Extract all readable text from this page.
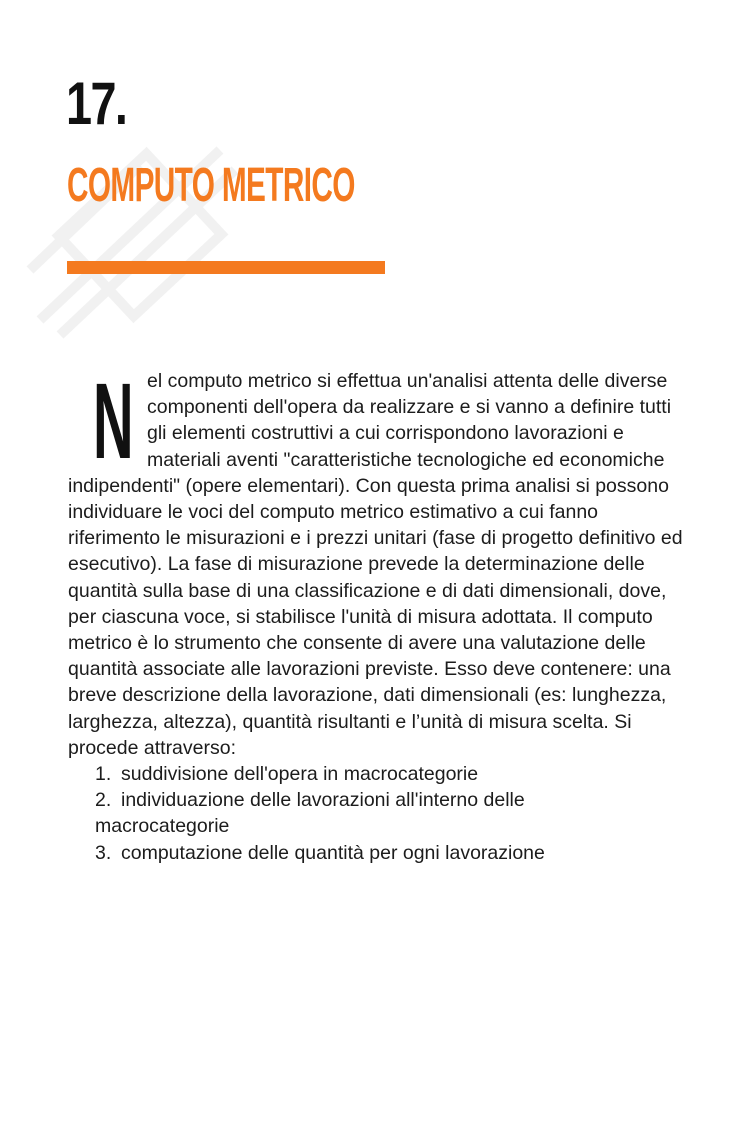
17.
COMPUTO METRICO
Nel computo metrico si effettua un'analisi attenta delle diverse componenti dell'opera da realizzare e si vanno a definire tutti gli elementi costruttivi a cui corrispondono lavorazioni e materiali aventi "caratteristiche tecnologiche ed economiche indipendenti" (opere elementari). Con questa prima analisi si possono individuare le voci del computo metrico estimativo a cui fanno riferimento le misurazioni e i prezzi unitari (fase di progetto definitivo ed esecutivo). La fase di misurazione prevede la determinazione delle quantità sulla base di una classificazione e di dati dimensionali, dove, per ciascuna voce, si stabilisce l'unità di misura adottata. Il computo metrico è lo strumento che consente di avere una valutazione delle quantità associate alle lavorazioni previste. Esso deve contenere: una breve descrizione della lavorazione, dati dimensionali (es: lunghezza, larghezza, altezza), quantità risultanti e l’unità di misura scelta. Si procede attraverso:
1. suddivisione dell'opera in macrocategorie
2. individuazione delle lavorazioni all'interno delle
macrocategorie
3. computazione delle quantità per ogni lavorazione
